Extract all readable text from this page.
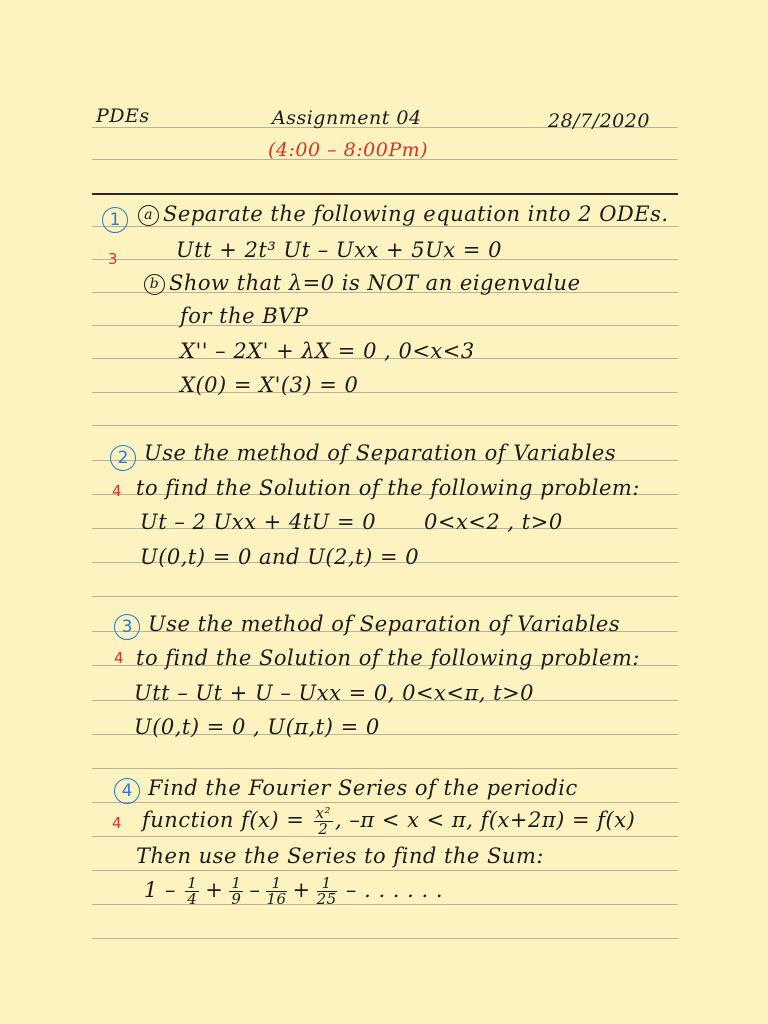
PDEs	Assignment 04	28/7/2020
(4:00 – 8:00Pm)
1
3
a Separate the following equation into 2 ODEs.
Utt + 2t³ Ut – Uxx + 5Ux = 0
b Show that λ=0 is NOT an eigenvalue
for the BVP
X'' – 2X' + λX = 0 , 0<x<3
X(0) = X'(3) = 0
2
4
Use the method of Separation of Variables
to find the Solution of the following problem:
Ut – 2 Uxx + 4tU = 0 0<x<2 , t>0
U(0,t) = 0 and U(2,t) = 0
3
4
Use the method of Separation of Variables
to find the Solution of the following problem:
Utt – Ut + U – Uxx = 0, 0<x<π, t>0
U(0,t) = 0 , U(π,t) = 0
4
4
Find the Fourier Series of the periodic
function $f(x) = \frac{\text{x²}}{2}$ , –π < x < π, f(x+2π) = f(x)
Then use the Series to find the Sum:
$1 - \frac{1}{4} + \frac{1}{9} - \frac{1}{16} + \frac{1}{25}$ – . . . . . .
